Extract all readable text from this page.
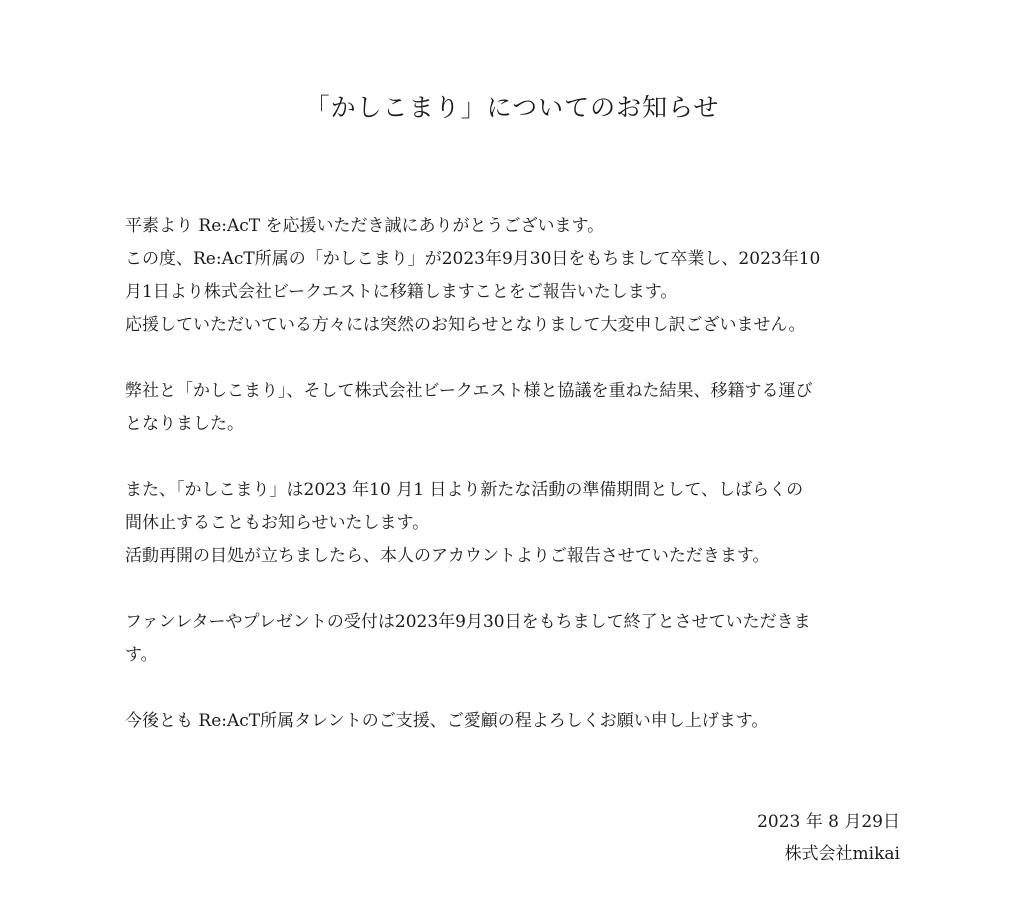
「かしこまり」についてのお知らせ
平素より Re:AcT を応援いただき誠にありがとうございます。
この度、Re:AcT所属の「かしこまり」が2023年9月30日をもちまして卒業し、2023年10
月1日より株式会社ビークエストに移籍しますことをご報告いたします。
応援していただいている方々には突然のお知らせとなりまして大変申し訳ございません。
弊社と「かしこまり」、そして株式会社ビークエスト様と協議を重ねた結果、移籍する運び
となりました。
また、「かしこまり」は2023 年10 月1 日より新たな活動の準備期間として、しばらくの
間休止することもお知らせいたします。
活動再開の目処が立ちましたら、本人のアカウントよりご報告させていただきます。
ファンレターやプレゼントの受付は2023年9月30日をもちまして終了とさせていただきま
す。
今後とも Re:AcT所属タレントのご支援、ご愛顧の程よろしくお願い申し上げます。
2023 年 8 月29日
株式会社mikai
